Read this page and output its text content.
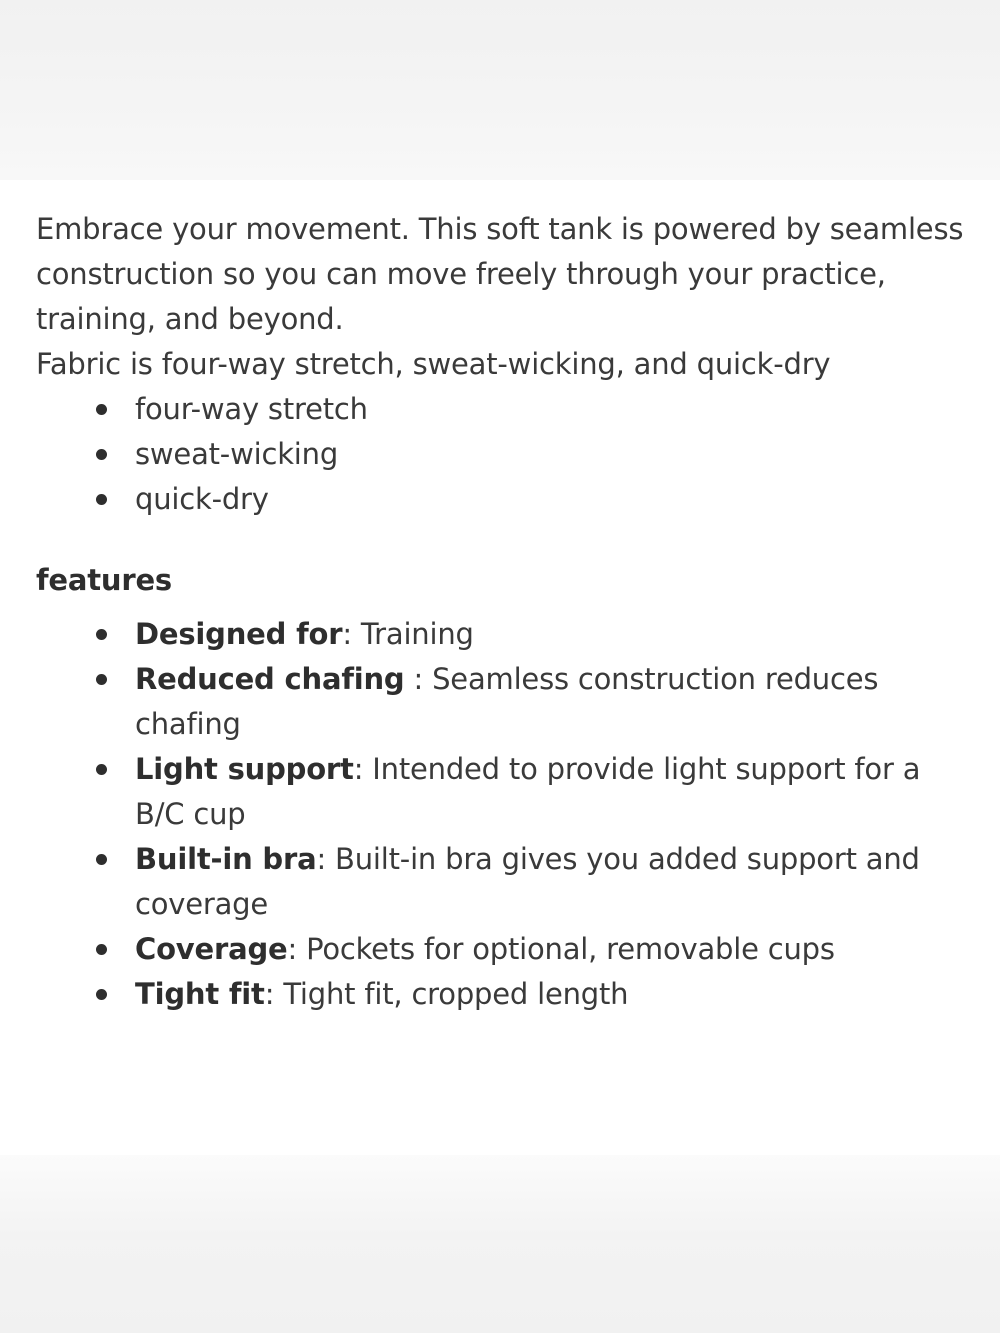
Embrace your movement. This soft tank is powered by seamless construction so you can move freely through your practice, training, and beyond.

Fabric is four-way stretch, sweat-wicking, and quick-dry

four-way stretch
sweat-wicking
quick-dry
features
Designed for: Training
Reduced chafing : Seamless construction reduces chafing
Light support: Intended to provide light support for a B/C cup
Built-in bra: Built-in bra gives you added support and coverage
Coverage: Pockets for optional, removable cups
Tight fit: Tight fit, cropped length
